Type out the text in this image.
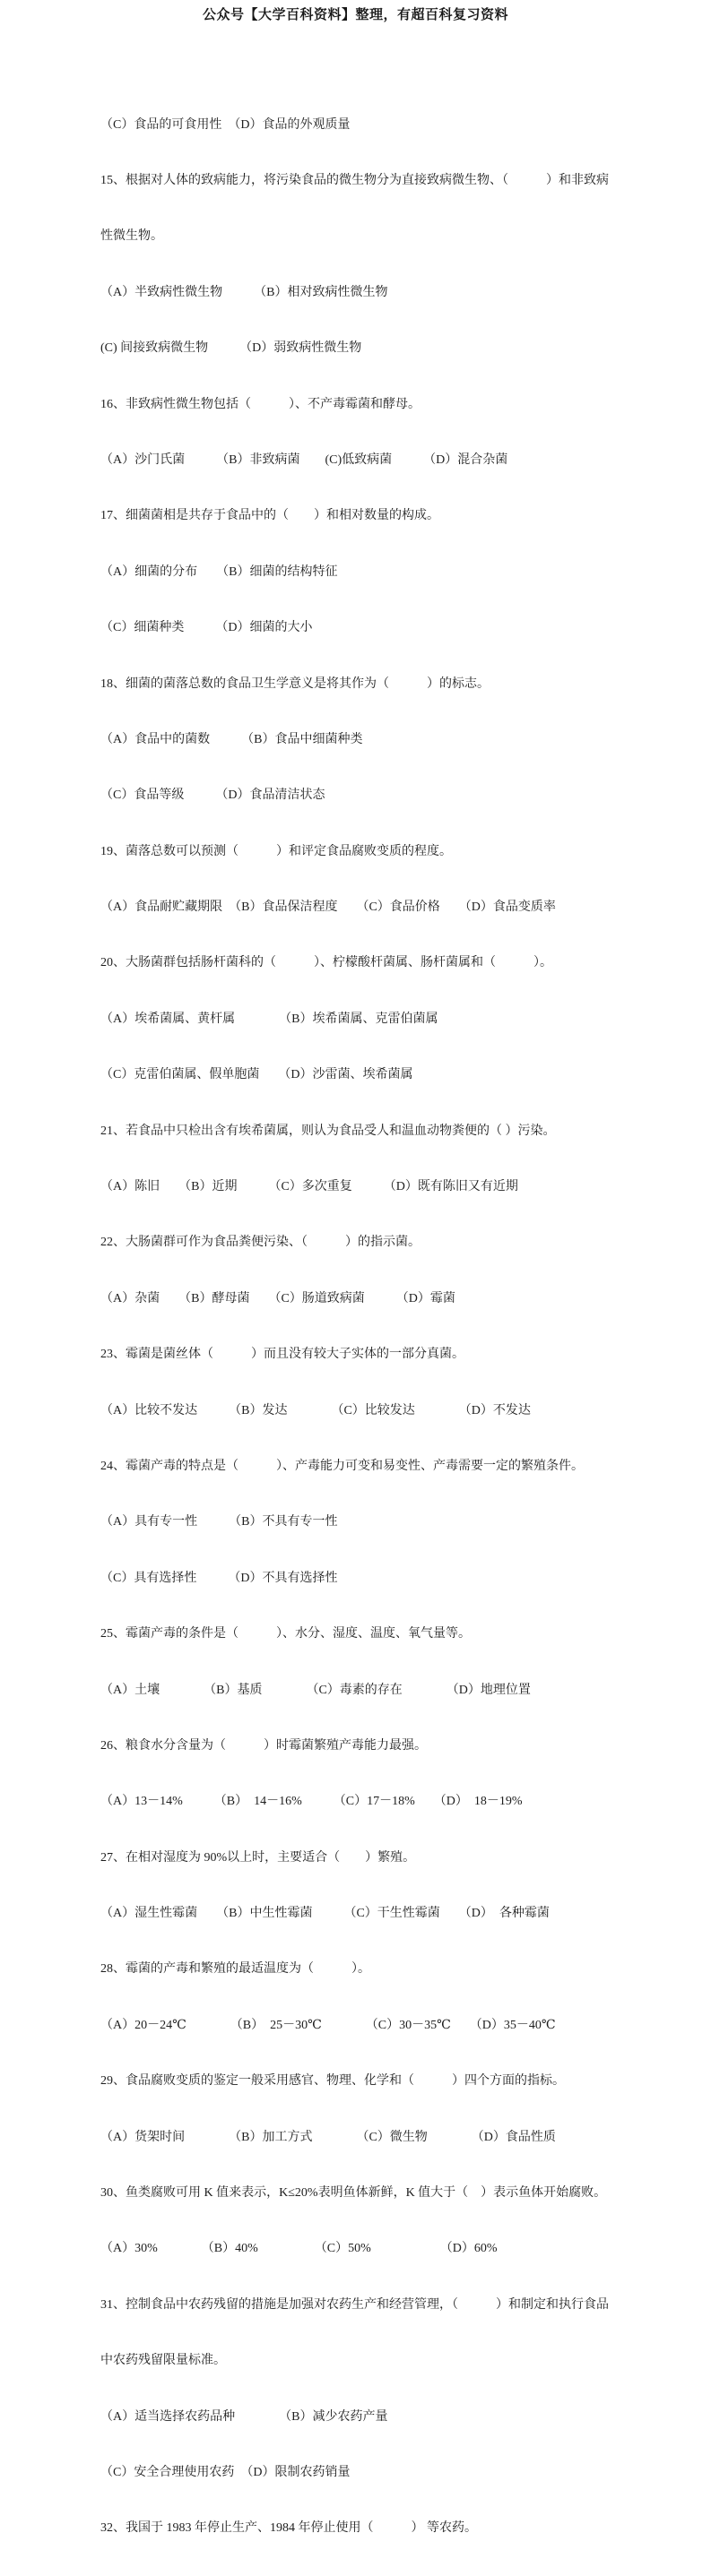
公众号【大学百科资料】整理，有超百科复习资料

（C）食品的可食用性　（D）食品的外观质量

15、根据对人体的致病能力，将污染食品的微生物分为直接致病微生物、（　　　）和非致病

性微生物。

（A）半致病性微生物　　　（B）相对致病性微生物

(C) 间接致病微生物　　　（D）弱致病性微生物

16、非致病性微生物包括（　　　）、不产毒霉菌和酵母。

（A）沙门氏菌　　　（B）非致病菌　　(C)低致病菌　　　（D）混合杂菌

17、细菌菌相是共存于食品中的（　　）和相对数量的构成。

（A）细菌的分布　　（B）细菌的结构特征

（C）细菌种类　　　（D）细菌的大小

18、细菌的菌落总数的食品卫生学意义是将其作为（　　　）的标志。

（A）食品中的菌数　　　（B）食品中细菌种类

（C）食品等级　　　（D）食品清洁状态

19、菌落总数可以预测（　　　）和评定食品腐败变质的程度。

（A）食品耐贮藏期限　（B）食品保洁程度　　（C）食品价格　　（D）食品变质率

20、大肠菌群包括肠杆菌科的（　　　）、柠檬酸杆菌属、肠杆菌属和（　　　）。

（A）埃希菌属、黄杆属　　　　（B）埃希菌属、克雷伯菌属

（C）克雷伯菌属、假单胞菌　　（D）沙雷菌、埃希菌属

21、若食品中只检出含有埃希菌属，则认为食品受人和温血动物粪便的（ ）污染。

（A）陈旧　　（B）近期　　　（C）多次重复　　　（D）既有陈旧又有近期

22、大肠菌群可作为食品粪便污染、（　　　）的指示菌。

（A）杂菌　　（B）酵母菌　　（C）肠道致病菌　　　（D）霉菌

23、霉菌是菌丝体（　　　）而且没有较大子实体的一部分真菌。

（A）比较不发达　　　（B）发达　　　　（C）比较发达　　　　（D）不发达

24、霉菌产毒的特点是（　　　）、产毒能力可变和易变性、产毒需要一定的繁殖条件。

（A）具有专一性　　　（B）不具有专一性

（C）具有选择性　　　（D）不具有选择性

25、霉菌产毒的条件是（　　　）、水分、湿度、温度、氧气量等。

（A）土壤　　　　（B）基质　　　　（C）毒素的存在　　　　（D）地理位置

26、粮食水分含量为（　　　）时霉菌繁殖产毒能力最强。

（A）13－14%　　　（B）　14－16%　　　（C）17－18%　　（D）　18－19%

27、在相对湿度为 90%以上时，主要适合（　　）繁殖。

（A）湿生性霉菌　　（B）中生性霉菌　　　（C）干生性霉菌　　（D）　各种霉菌

28、霉菌的产毒和繁殖的最适温度为（　　　）。

（A）20－24℃　　　　（B）　25－30℃　　　　（C）30－35℃　　（D）35－40℃

29、食品腐败变质的鉴定一般采用感官、物理、化学和（　　　）四个方面的指标。

（A）货架时间　　　　（B）加工方式　　　　（C）微生物　　　　（D）食品性质

30、鱼类腐败可用 K 值来表示，K≤20%表明鱼体新鲜，K 值大于（　）表示鱼体开始腐败。

（A）30%　　　　（B）40%　　　　　（C）50%　　　　　　（D）60%

31、控制食品中农药残留的措施是加强对农药生产和经营管理，（　　　）和制定和执行食品

中农药残留限量标准。

（A）适当选择农药品种　　　　（B）减少农药产量

（C）安全合理使用农药　（D）限制农药销量

32、我国于 1983 年停止生产、1984 年停止使用（　　　） 等农药。
